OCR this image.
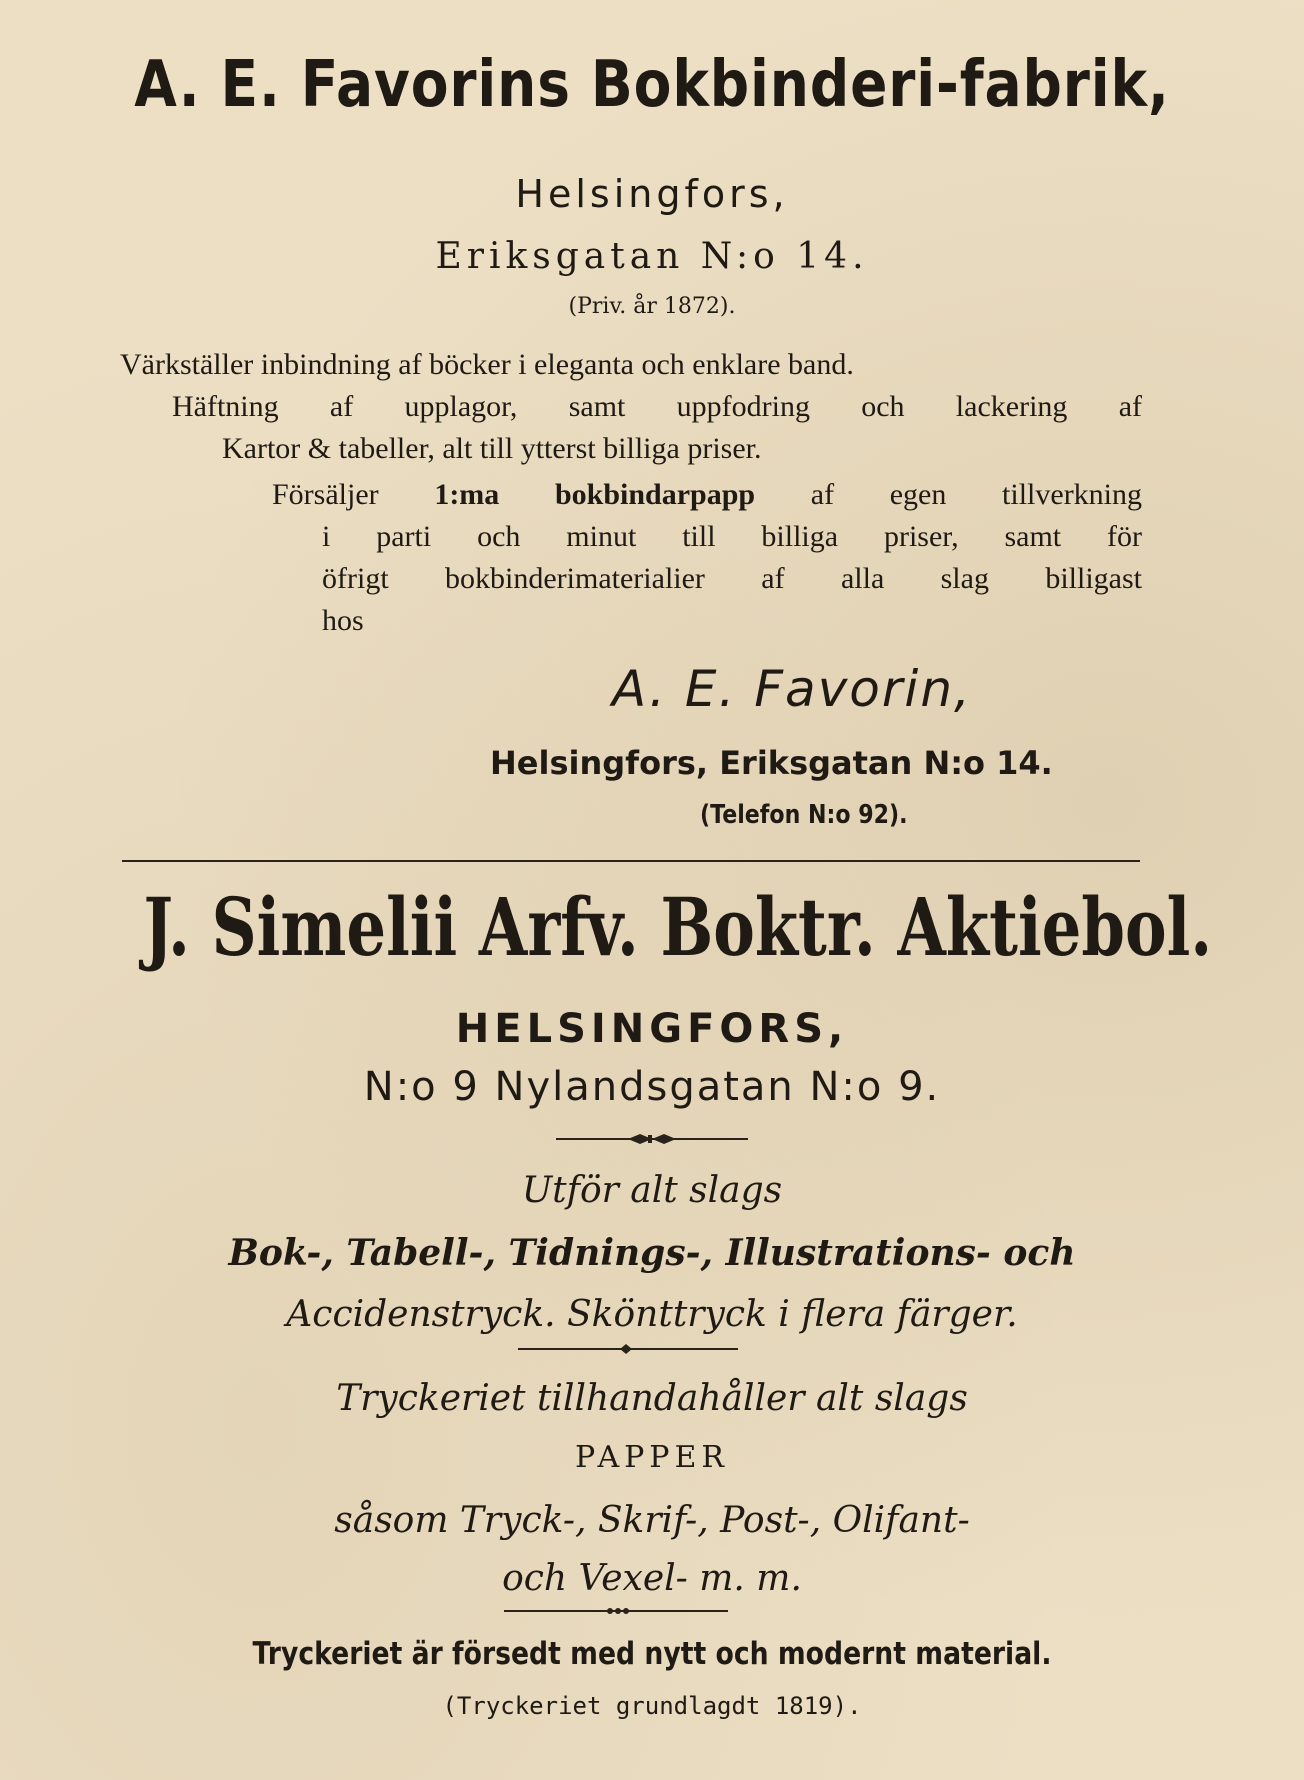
A. E. Favorins Bokbinderi-fabrik,
Helsingfors,
Eriksgatan N:o 14.
(Priv. år 1872).
Värkställer inbindning af böcker i eleganta och enklare band.
Häftning af upplagor, samt uppfodring och lackering af
Kartor & tabeller, alt till ytterst billiga priser.
Försäljer 1:ma bokbindarpapp af egen tillverkning
i parti och minut till billiga priser, samt för
öfrigt bokbinderimaterialier af alla slag billigast
hos
A. E. Favorin,
Helsingfors, Eriksgatan N:o 14.
(Telefon N:o 92).
J. Simelii Arfv. Boktr. Aktiebol.
HELSINGFORS,
N:o 9 Nylandsgatan N:o 9.
Utför alt slags
Bok-, Tabell-, Tidnings-, Illustrations- och
Accidenstryck. Skönttryck i flera färger.
Tryckeriet tillhandahåller alt slags
PAPPER
såsom Tryck-, Skrif-, Post-, Olifant-
och Vexel- m. m.
Tryckeriet är försedt med nytt och modernt material.
(Tryckeriet grundlagdt 1819).
